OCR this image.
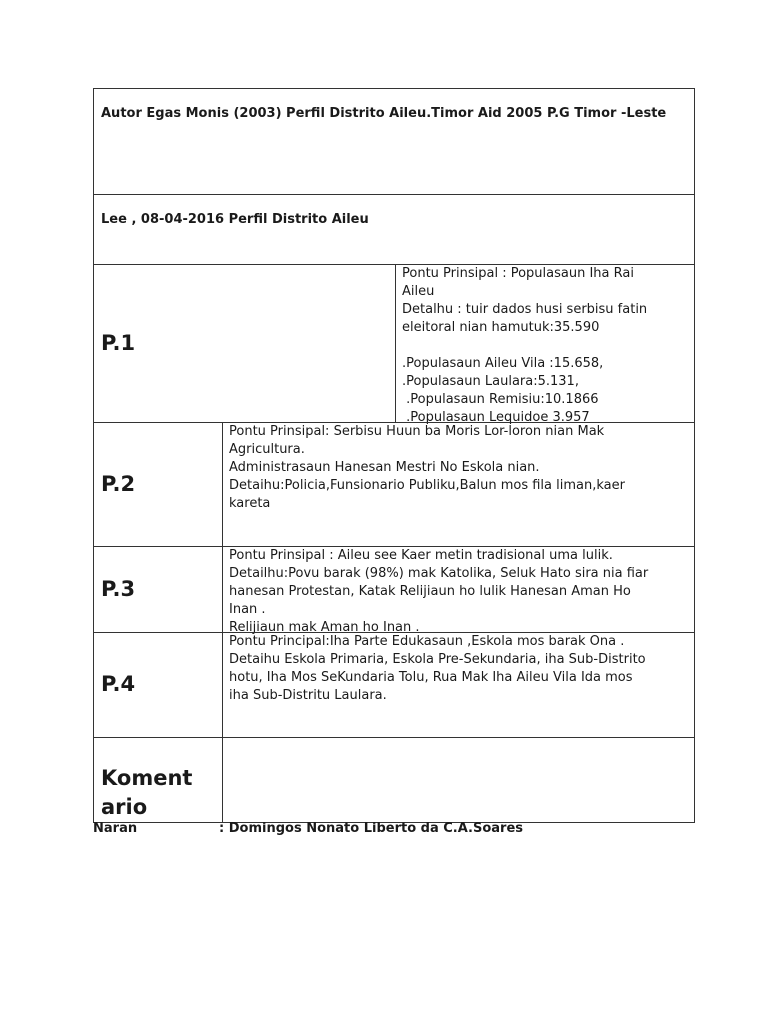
Autor Egas Monis (2003) Perfil Distrito Aileu.Timor Aid 2005 P.G Timor -Leste
Lee , 08-04-2016 Perfil Distrito Aileu
P.1
Pontu Prinsipal : Populasaun Iha Rai
Aileu
Detalhu : tuir dados husi serbisu fatin
eleitoral nian hamutuk:35.590
.Populasaun Aileu Vila :15.658,
.Populasaun Laulara:5.131,
.Populasaun Remisiu:10.1866
.Populasaun Lequidoe 3.957
P.2
Pontu Prinsipal: Serbisu Huun ba Moris Lor-loron nian Mak
Agricultura.
Administrasaun Hanesan Mestri No Eskola nian.
Detaihu:Policia,Funsionario Publiku,Balun mos fila liman,kaer
kareta
P.3
Pontu Prinsipal : Aileu see Kaer metin tradisional uma lulik.
Detailhu:Povu barak (98%) mak Katolika, Seluk Hato sira nia fiar
hanesan Protestan, Katak Relijiaun ho lulik Hanesan Aman Ho
Inan .
Relijiaun mak Aman ho Inan .
P.4
Pontu Principal:Iha Parte Edukasaun ,Eskola mos barak Ona .
Detaihu Eskola Primaria, Eskola Pre-Sekundaria, iha Sub-Distrito
hotu, Iha Mos SeKundaria Tolu, Rua Mak Iha Aileu Vila Ida mos
iha Sub-Distritu Laulara.
Koment
ario
Naran	: Domingos Nonato Liberto da C.A.Soares
